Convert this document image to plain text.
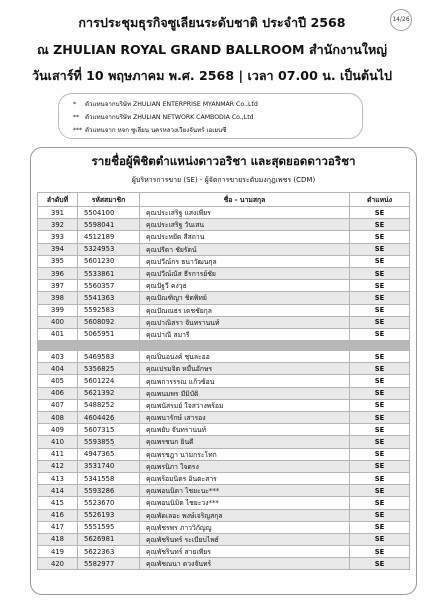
14/26
การประชุมธุรกิจซูเลียนระดับชาติ ประจำปี 2568
ณ ZHULIAN ROYAL GRAND BALLROOM สำนักงานใหญ่
วันเสาร์ที่ 10 พฤษภาคม พ.ศ. 2568 | เวลา 07.00 น. เป็นต้นไป
*	ตัวแทนจากบริษัท ZHULIAN ENTERPRISE MYANMAR Co.,Ltd
** ตัวแทนจากบริษัท ZHULIAN NETWORK CAMBODIA Co.,Ltd
*** ตัวแทนจาก หจก ซูเลียน นครหลวงเวียงจันทร์ เอเยนซี
รายชื่อผู้พิชิตตำแหน่งดาวอริชา และสุดยอดดาวอริชา
ผู้บริหารการขาย (SE) - ผู้จัดการขายระดับมงกุฎเพชร (CDM)
ลำดับที่	รหัสสมาชิก	ชื่อ - นามสกุล	ตำแหน่ง
391	5504100	คุณประเสริฐ แสงเพียร	SE
392	5598041	คุณประเสริฐ วันเสน	SE
393	4512189	คุณประหยัด สีสถาน	SE
394	5324953	คุณปรีดา ชัยรัตน์	SE
395	5601230	คุณปวีณ์กร ธนาวัฒนกุล	SE
396	5533861	คุณปวีณ์ณัส ธีรการย์ชัย	SE
397	5560357	คุณปัฐวี คงวุธ	SE
398	5541363	คุณปัณฑิญา ชิดพิทย์	SE
399	5592583	คุณปัณณธร เดชชัยกุล	SE
400	5608092	คุณปาณิสรา จันทรานนท์	SE
401	5065951	คุณปาณี สมารี	SE

403	5469583	คุณปิ่นอนงค์ ชุนละออ	SE
404	5356825	คุณเปรมจิต หมื่นอักษร	SE
405	5601224	คุณพการรรณ แก้วซ้อน	SE
406	5621392	คุณพนมพร มีมิบัติ	SE
407	5488252	คุณพนัสรมย์ ใจสว่างพร้อม	SE
408	4604426	คุณพนารักษ์ เสารอง	SE
409	5607315	คุณพยับ จันทรานนท์	SE
410	5593855	คุณพรชนก ยินดี	SE
411	4947365	คุณพรชฎา นามกระโทก	SE
412	3531740	คุณพรนิภา ใจตรง	SE
413	5341558	คุณพร้อมนิตร อินตะสาร	SE
414	5593286	คุณพอนนิดา ไชยะนะ***	SE
415	5523670	คุณพอนนิมิต ไชยะวง***	SE
416	5526193	คุณพัดเลอะ พงษ์เจริญสกุล	SE
417	5551595	คุณพัชรพร ภาววิกัญญู	SE
418	5626981	คุณพัชรินทร์ ระเบียบไพธ์	SE
419	5622363	คุณพัชรินทร์ สายเพียร	SE
420	5582977	คุณพัชณนา ดวงจันทร์	SE
